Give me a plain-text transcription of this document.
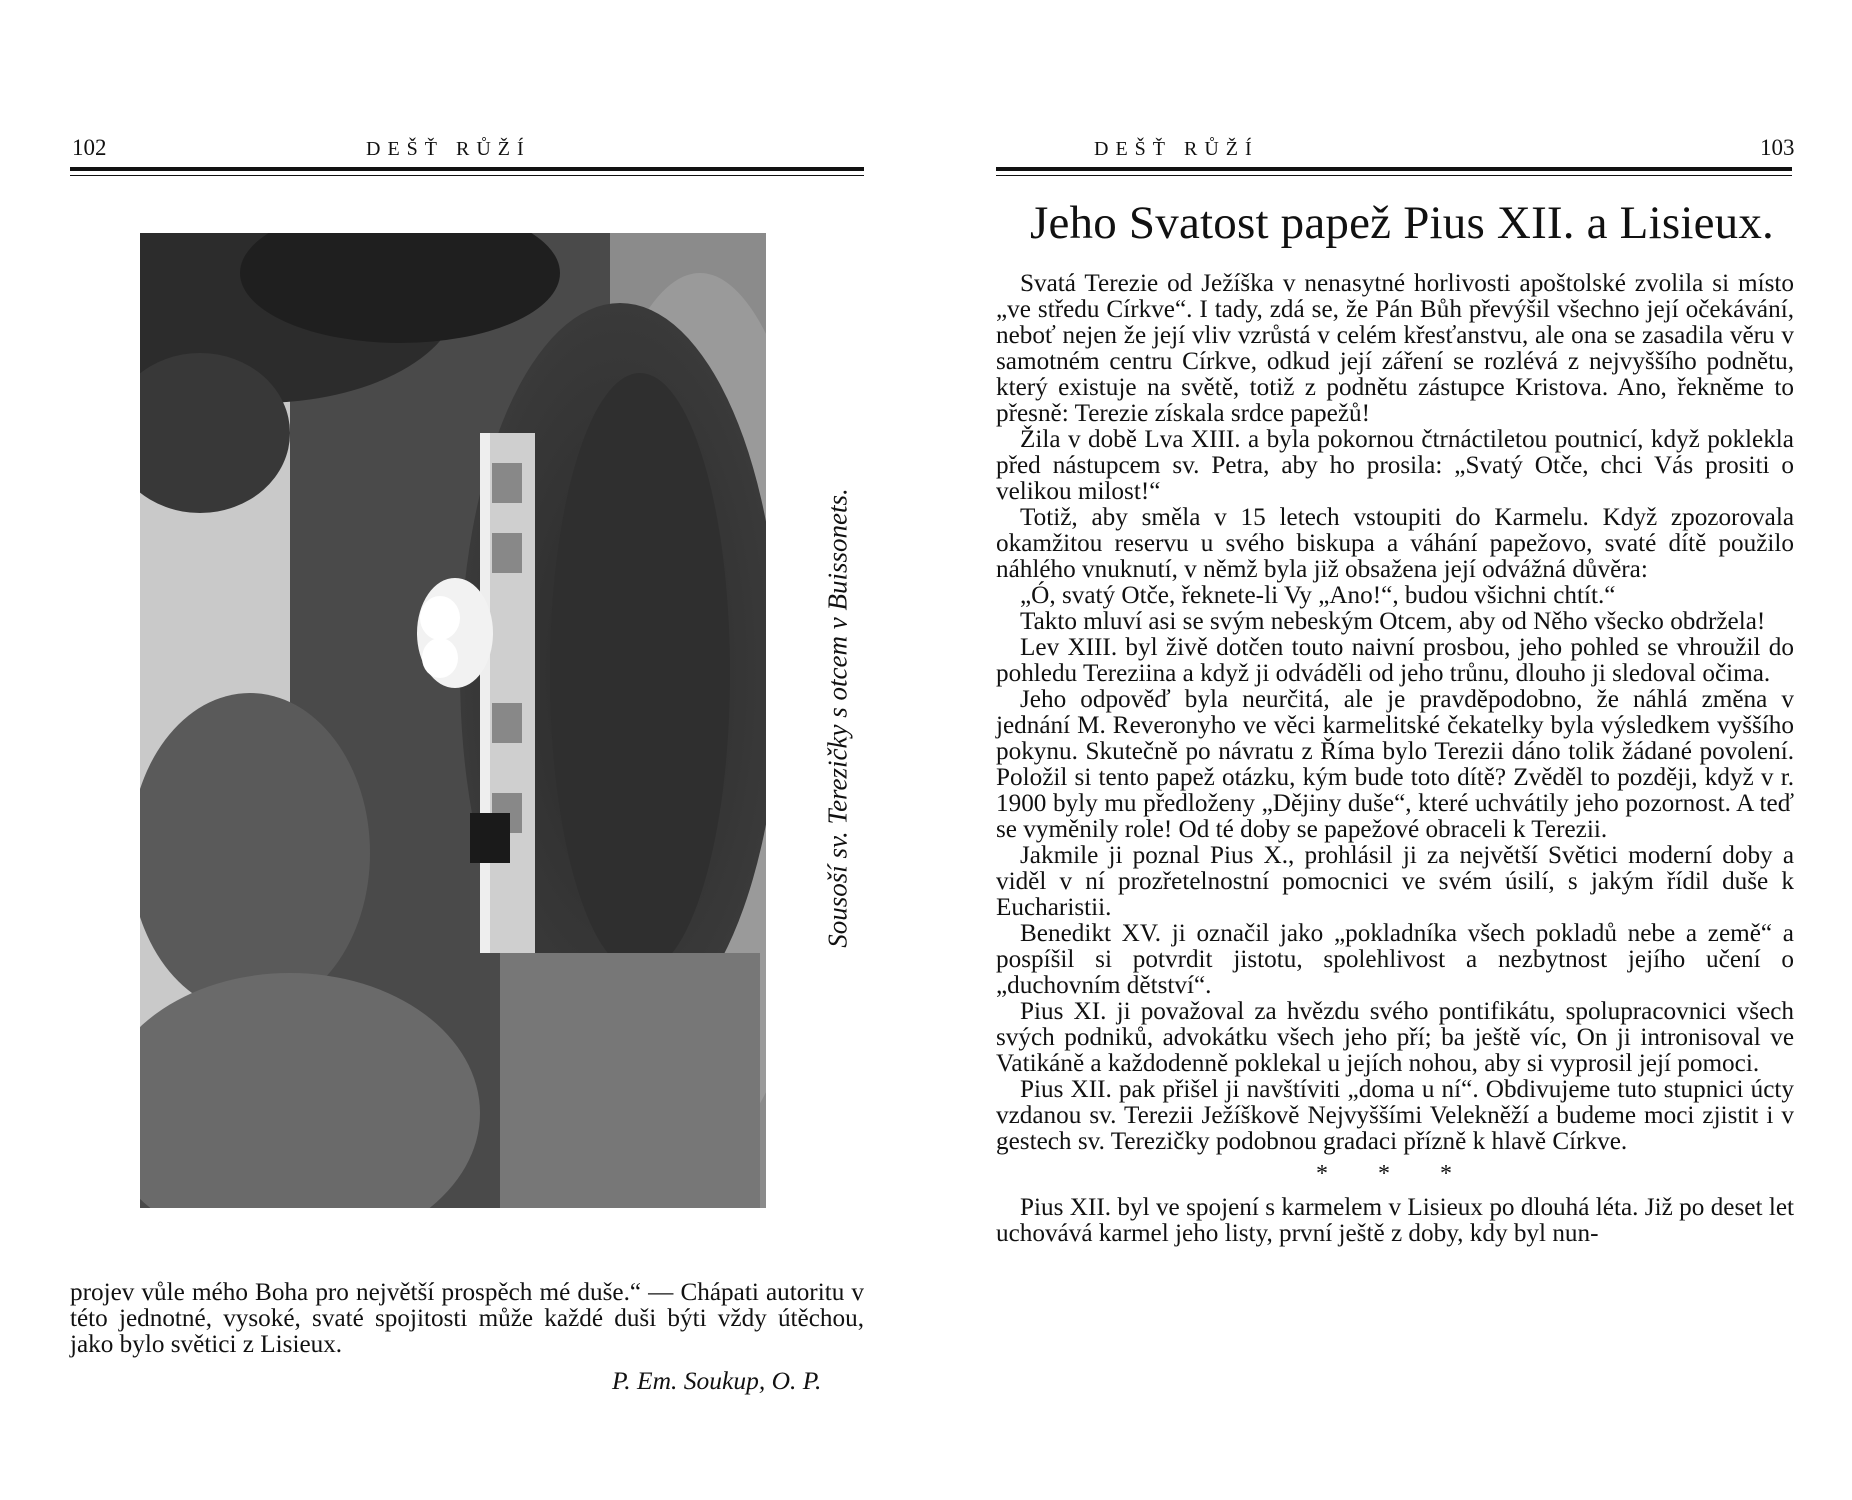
102	DEŠŤ RŮŽÍ
Sousoší sv. Terezičky s otcem v Buissonets.

projev vůle mého Boha pro největší prospěch mé duše.“ — Chápati autoritu v této jednotné, vysoké, svaté spojitosti může každé duši býti vždy útěchou, jako bylo světici z Lisieux.

P. Em. Soukup, O. P.
DEŠŤ RŮŽÍ	103
Jeho Svatost papež Pius XII. a Lisieux.

Svatá Terezie od Ježíška v nenasytné horlivosti apoštolské zvolila si místo „ve středu Církve“. I tady, zdá se, že Pán Bůh převýšil všechno její očekávání, neboť nejen že její vliv vzrůstá v celém křesťanstvu, ale ona se zasadila věru v samotném centru Církve, odkud její záření se rozlévá z nejvyššího podnětu, který existuje na světě, totiž z podnětu zástupce Kristova. Ano, řekněme to přesně: Terezie získala srdce papežů!

Žila v době Lva XIII. a byla pokornou čtrnáctiletou poutnicí, když poklekla před nástupcem sv. Petra, aby ho prosila: „Svatý Otče, chci Vás prositi o velikou milost!“

Totiž, aby směla v 15 letech vstoupiti do Karmelu. Když zpozorovala okamžitou reservu u svého biskupa a váhání papežovo, svaté dítě použilo náhlého vnuknutí, v němž byla již obsažena její odvážná důvěra:

„Ó, svatý Otče, řeknete-li Vy „Ano!“, budou všichni chtít.“

Takto mluví asi se svým nebeským Otcem, aby od Něho všecko obdržela!

Lev XIII. byl živě dotčen touto naivní prosbou, jeho pohled se vhroužil do pohledu Tereziina a když ji odváděli od jeho trůnu, dlouho ji sledoval očima.

Jeho odpověď byla neurčitá, ale je pravděpodobno, že náhlá změna v jednání M. Reveronyho ve věci karmelitské čekatelky byla výsledkem vyššího pokynu. Skutečně po návratu z Říma bylo Terezii dáno tolik žádané povolení. Položil si tento papež otázku, kým bude toto dítě? Zvěděl to později, když v r. 1900 byly mu předloženy „Dějiny duše“, které uchvátily jeho pozornost. A teď se vyměnily role! Od té doby se papežové obraceli k Terezii.

Jakmile ji poznal Pius X., prohlásil ji za největší Světici moderní doby a viděl v ní prozřetelnostní pomocnici ve svém úsilí, s jakým řídil duše k Eucharistii.

Benedikt XV. ji označil jako „pokladníka všech pokladů nebe a země“ a pospíšil si potvrdit jistotu, spolehlivost a nezbytnost jejího učení o „duchovním dětství“.

Pius XI. ji považoval za hvězdu svého pontifikátu, spolupracovnici všech svých podniků, advokátku všech jeho pří; ba ještě víc, On ji intronisoval ve Vatikáně a každodenně poklekal u jejích nohou, aby si vyprosil její pomoci.

Pius XII. pak přišel ji navštíviti „doma u ní“. Obdivujeme tuto stupnici úcty vzdanou sv. Terezii Ježíškově Nejvyššími Velekněží a budeme moci zjistit i v gestech sv. Terezičky podobnou gradaci přízně k hlavě Církve.

* * *

Pius XII. byl ve spojení s karmelem v Lisieux po dlouhá léta. Již po deset let uchovává karmel jeho listy, první ještě z doby, kdy byl nun-
